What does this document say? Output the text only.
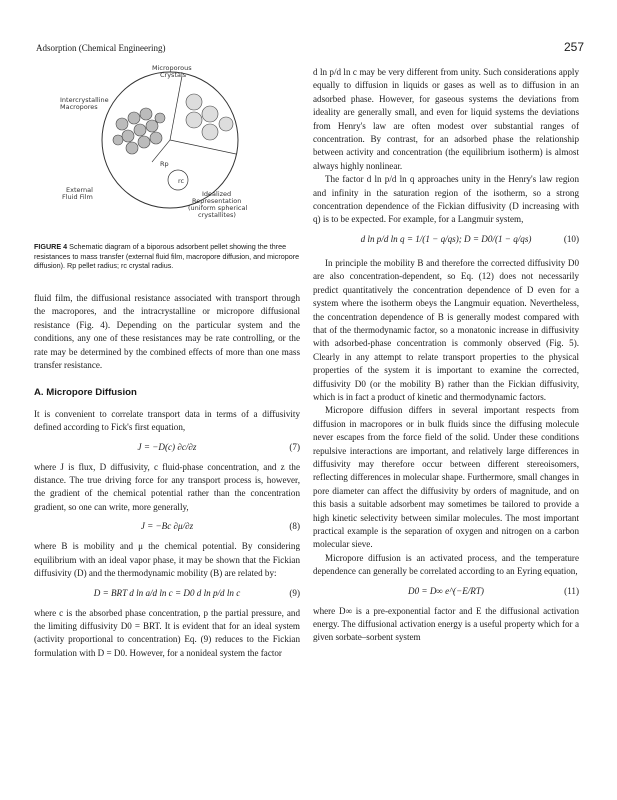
Adsorption (Chemical Engineering)	257
Rp
rc
Microporous Crystals
Intercrystalline Macropores
External Fluid Film	Idealized Representation (uniform spherical crystallites)
FIGURE 4 Schematic diagram of a biporous adsorbent pellet showing the three resistances to mass transfer (external fluid film, macropore diffusion, and micropore diffusion). Rp pellet radius; rc crystal radius.

fluid film, the diffusional resistance associated with transport through the macropores, and the intracrystalline or micropore diffusional resistance (Fig. 4). Depending on the particular system and the conditions, any one of these resistances may be rate controlling, or the rate may be determined by the combined effects of more than one mass transfer resistance.

A. Micropore Diffusion

It is convenient to correlate transport data in terms of a diffusivity defined according to Fick's first equation,

J = −D(c) ∂c/∂z	(7)

where J is flux, D diffusivity, c fluid-phase concentration, and z the distance. The true driving force for any transport process is, however, the gradient of the chemical potential rather than the concentration gradient, so one can write, more generally,

J = −Bc ∂μ/∂z	(8)

where B is mobility and μ the chemical potential. By considering equilibrium with an ideal vapor phase, it may be shown that the Fickian diffusivity (D) and the thermodynamic mobility (B) are related by:

D = BRT d ln a/d ln c = D0 d ln p/d ln c	(9)

where c is the absorbed phase concentration, p the partial pressure, and the limiting diffusivity D0 = BRT. It is evident that for an ideal system (activity proportional to concentration) Eq. (9) reduces to the Fickian formulation with D = D0. However, for a nonideal system the factor

d ln p/d ln c may be very different from unity. Such considerations apply equally to diffusion in liquids or gases as well as to diffusion in an adsorbed phase. However, for gaseous systems the deviations from ideality are generally small, and even for liquid systems the deviations from Henry's law are often modest over substantial ranges of concentration. By contrast, for an adsorbed phase the relationship between activity and concentration (the equilibrium isotherm) is almost always highly nonlinear.

The factor d ln p/d ln q approaches unity in the Henry's law region and infinity in the saturation region of the isotherm, so a strong concentration dependence of the Fickian diffusivity (D increasing with q) is to be expected. For example, for a Langmuir system,

d ln p/d ln q = 1/(1 − q/qs); D = D0/(1 − q/qs)	(10)

In principle the mobility B and therefore the corrected diffusivity D0 are also concentration-dependent, so Eq. (12) does not necessarily predict quantitatively the concentration dependence of D even for a system where the isotherm obeys the Langmuir equation. Nevertheless, the concentration dependence of B is generally modest compared with that of the thermodynamic factor, so a monatonic increase in diffusivity with adsorbed-phase concentration is commonly observed (Fig. 5). Clearly in any attempt to relate transport properties to the physical properties of the system it is important to examine the corrected, diffusivity D0 (or the mobility B) rather than the Fickian diffusivity, which is in fact a product of kinetic and thermodynamic factors.

Micropore diffusion differs in several important respects from diffusion in macropores or in bulk fluids since the diffusing molecule never escapes from the force field of the solid. Under these conditions repulsive interactions are important, and relatively large differences in diffusivity may therefore occur between different stereoisomers, reflecting differences in molecular shape. Furthermore, small changes in pore diameter can affect the diffusivity by orders of magnitude, and on this basis a suitable adsorbent may sometimes be tailored to provide a high kinetic selectivity between similar molecules. The most important practical example is the separation of oxygen and nitrogen on a carbon molecular sieve.

Micropore diffusion is an activated process, and the temperature dependence can generally be correlated according to an Eyring equation,

D0 = D∞ e^(−E/RT)	(11)

where D∞ is a pre-exponential factor and E the diffusional activation energy. The diffusional activation energy is a useful property which for a given sorbate–sorbent system
